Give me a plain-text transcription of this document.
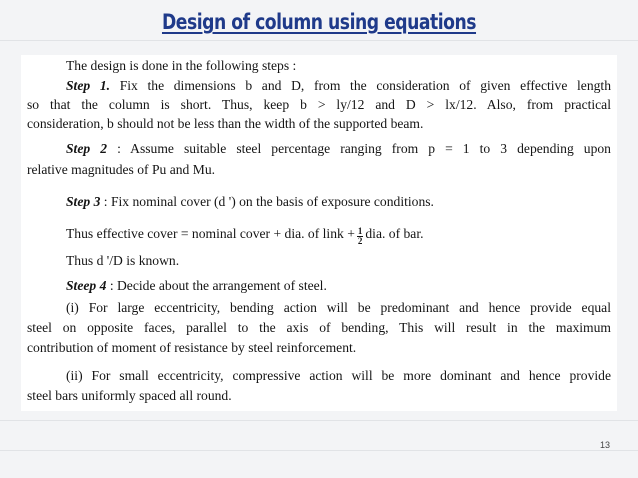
Design of column using equations
The design is done in the following steps :
Step 1. Fix the dimensions b and D, from the consideration of given effective length
so that the column is short. Thus, keep b > ly/12 and D > lx/12. Also, from practical
consideration, b should not be less than the width of the supported beam.
Step 2 : Assume suitable steel percentage ranging from p = 1 to 3 depending upon
relative magnitudes of Pu and Mu.
Step 3 : Fix nominal cover (d ') on the basis of exposure conditions.
Thus effective cover = nominal cover + dia. of link + $\frac{1}{2}$ dia. of bar.
Thus d '/D is known.
Steep 4 : Decide about the arrangement of steel.
(i) For large eccentricity, bending action will be predominant and hence provide equal
steel on opposite faces, parallel to the axis of bending, This will result in the maximum
contribution of moment of resistance by steel reinforcement.
(ii) For small eccentricity, compressive action will be more dominant and hence provide
steel bars uniformly spaced all round.
13
